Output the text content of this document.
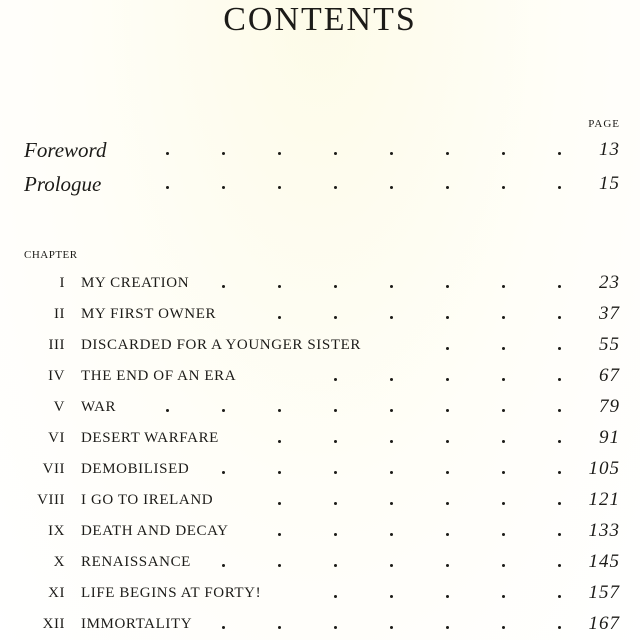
CONTENTS
PAGE
Foreword	13
Prologue	15
CHAPTER
I MY CREATION	23
II MY FIRST OWNER	37
III DISCARDED FOR A YOUNGER SISTER	55
IV THE END OF AN ERA	67
V WAR	79
VI DESERT WARFARE	91
VII DEMOBILISED	105
VIII I GO TO IRELAND	121
IX DEATH AND DECAY	133
X RENAISSANCE	145
XI LIFE BEGINS AT FORTY!	157
XII IMMORTALITY	167
